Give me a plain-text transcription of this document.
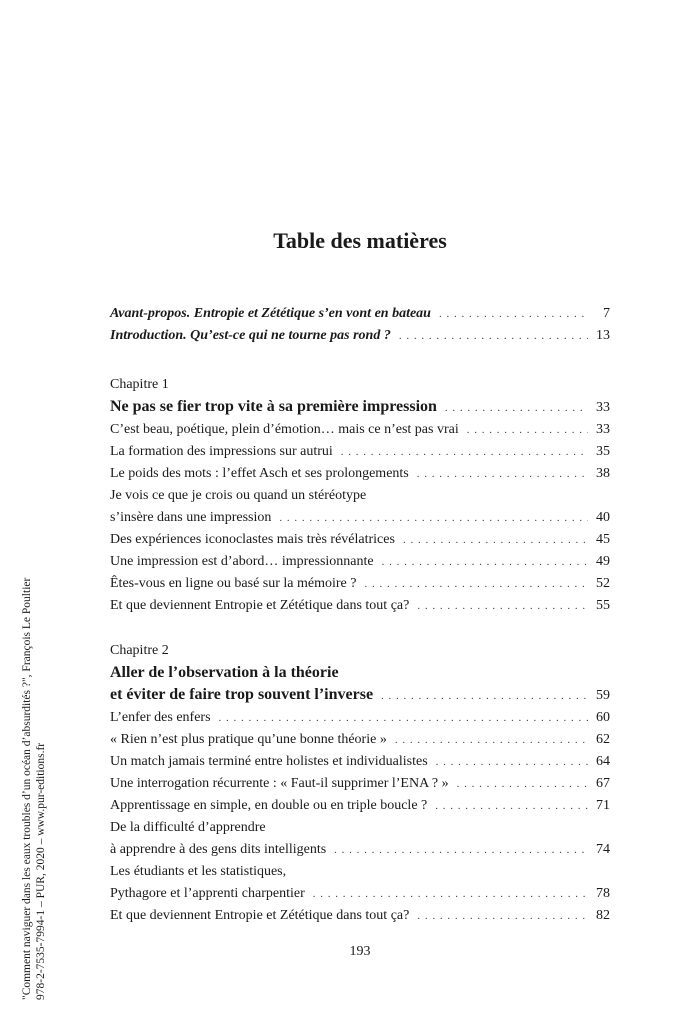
Table des matières
Avant-propos. Entropie et Zététique s’en vont en bateau . . .	7
Introduction. Qu’est-ce qui ne tourne pas rond ? . . .	13
Chapitre 1
Ne pas se fier trop vite à sa première impression . . .	33
C’est beau, poétique, plein d’émotion… mais ce n’est pas vrai . . .	33
La formation des impressions sur autrui . . .	35
Le poids des mots : l’effet Asch et ses prolongements . . .	38
Je vois ce que je crois ou quand un stéréotype
s’insère dans une impression . . .	40
Des expériences iconoclastes mais très révélatrices . . .	45
Une impression est d’abord… impressionnante . . .	49
Êtes-vous en ligne ou basé sur la mémoire ? . . .	52
Et que deviennent Entropie et Zététique dans tout ça? . . .	55
Chapitre 2
Aller de l’observation à la théorie
et éviter de faire trop souvent l’inverse . . .	59
L’enfer des enfers . . .	60
« Rien n’est plus pratique qu’une bonne théorie » . . .	62
Un match jamais terminé entre holistes et individualistes . . .	64
Une interrogation récurrente : « Faut-il supprimer l’ENA ? » . . .	67
Apprentissage en simple, en double ou en triple boucle ? . . .	71
De la difficulté d’apprendre
à apprendre à des gens dits intelligents . . .	74
Les étudiants et les statistiques,
Pythagore et l’apprenti charpentier . . .	78
Et que deviennent Entropie et Zététique dans tout ça? . . .	82
193
"Comment naviguer dans les eaux troubles d’un océan d’absurdités ?", François Le Poultier 978-2-7535-7994-1 – PUR, 2020 – www.pur-editions.fr
